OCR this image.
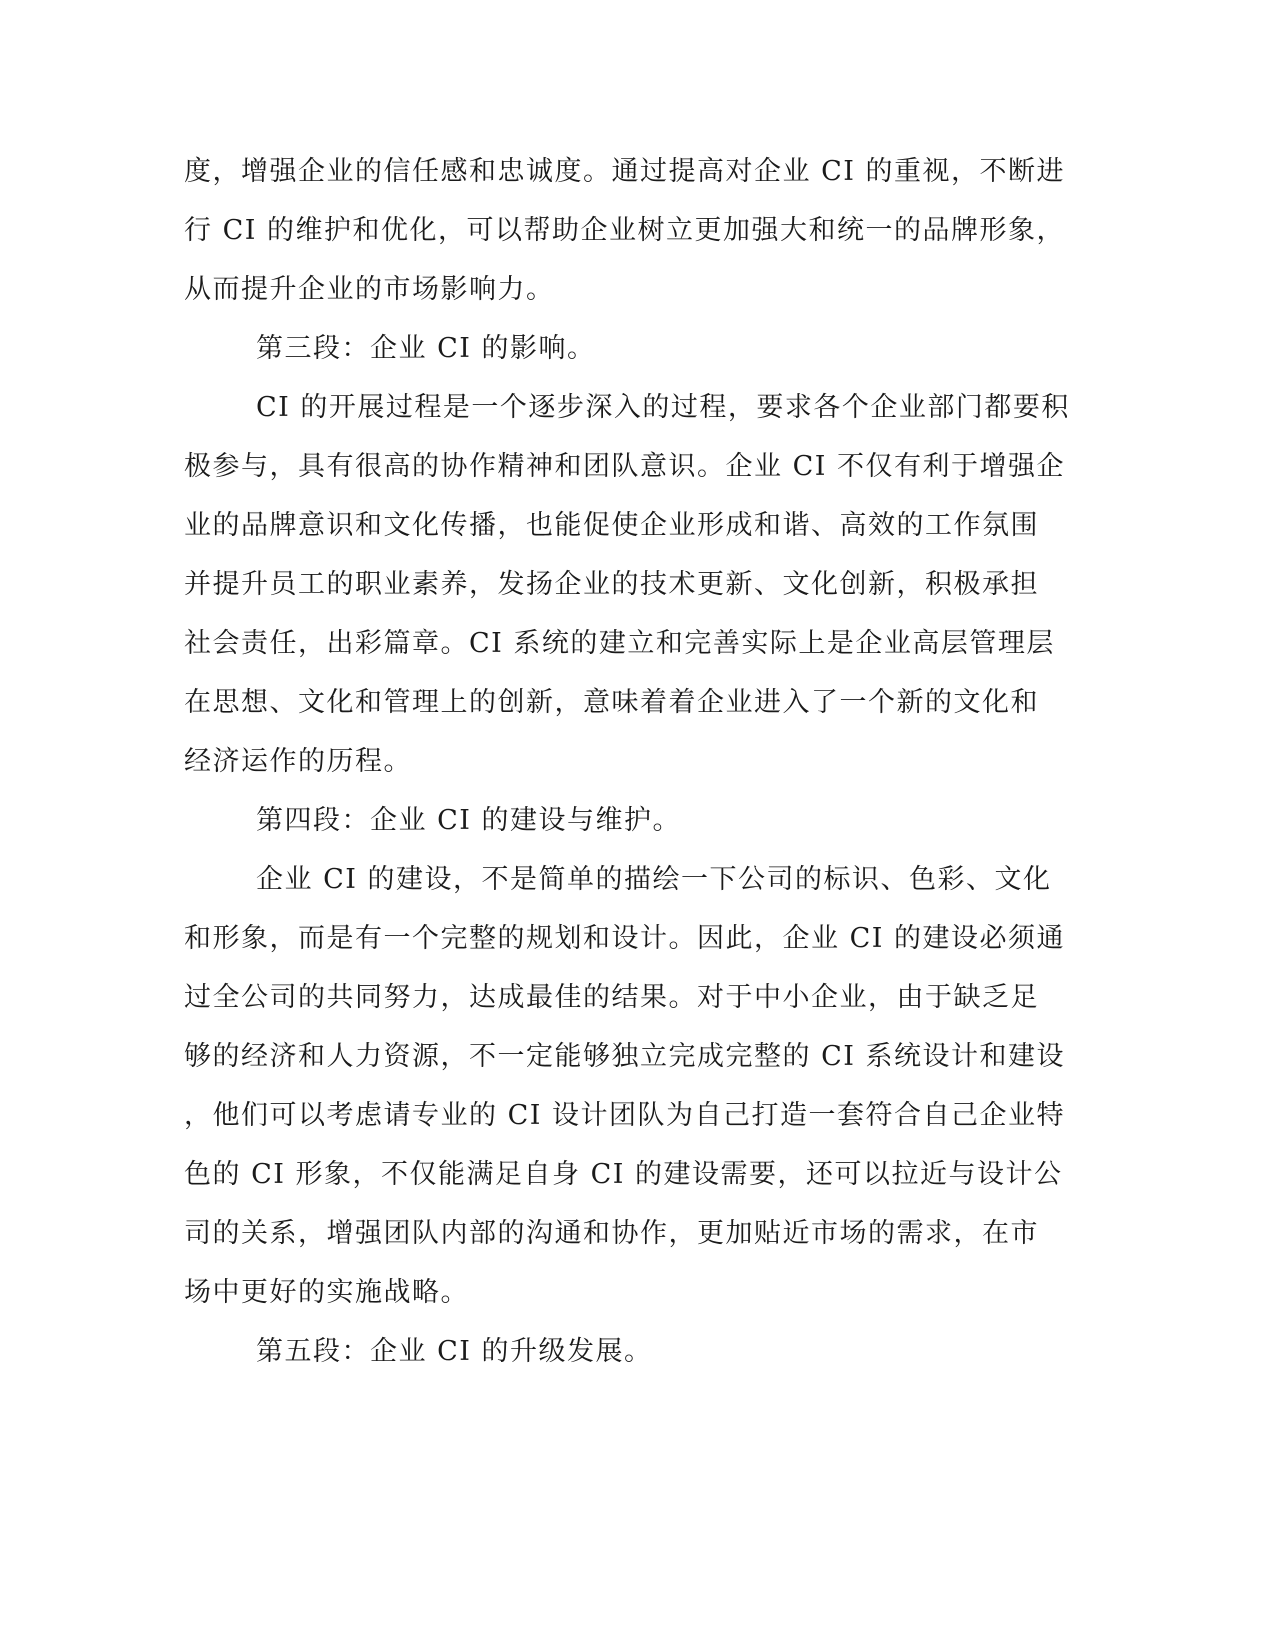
度，增强企业的信任感和忠诚度。通过提高对企业 CI 的重视，不断进
行 CI 的维护和优化，可以帮助企业树立更加强大和统一的品牌形象，
从而提升企业的市场影响力。
第三段：企业 CI 的影响。
CI 的开展过程是一个逐步深入的过程，要求各个企业部门都要积
极参与，具有很高的协作精神和团队意识。企业 CI 不仅有利于增强企
业的品牌意识和文化传播，也能促使企业形成和谐、高效的工作氛围
并提升员工的职业素养，发扬企业的技术更新、文化创新，积极承担
社会责任，出彩篇章。CI 系统的建立和完善实际上是企业高层管理层
在思想、文化和管理上的创新，意味着着企业进入了一个新的文化和
经济运作的历程。
第四段：企业 CI 的建设与维护。
企业 CI 的建设，不是简单的描绘一下公司的标识、色彩、文化
和形象，而是有一个完整的规划和设计。因此，企业 CI 的建设必须通
过全公司的共同努力，达成最佳的结果。对于中小企业，由于缺乏足
够的经济和人力资源，不一定能够独立完成完整的 CI 系统设计和建设
，他们可以考虑请专业的 CI 设计团队为自己打造一套符合自己企业特
色的 CI 形象，不仅能满足自身 CI 的建设需要，还可以拉近与设计公
司的关系，增强团队内部的沟通和协作，更加贴近市场的需求，在市
场中更好的实施战略。
第五段：企业 CI 的升级发展。
